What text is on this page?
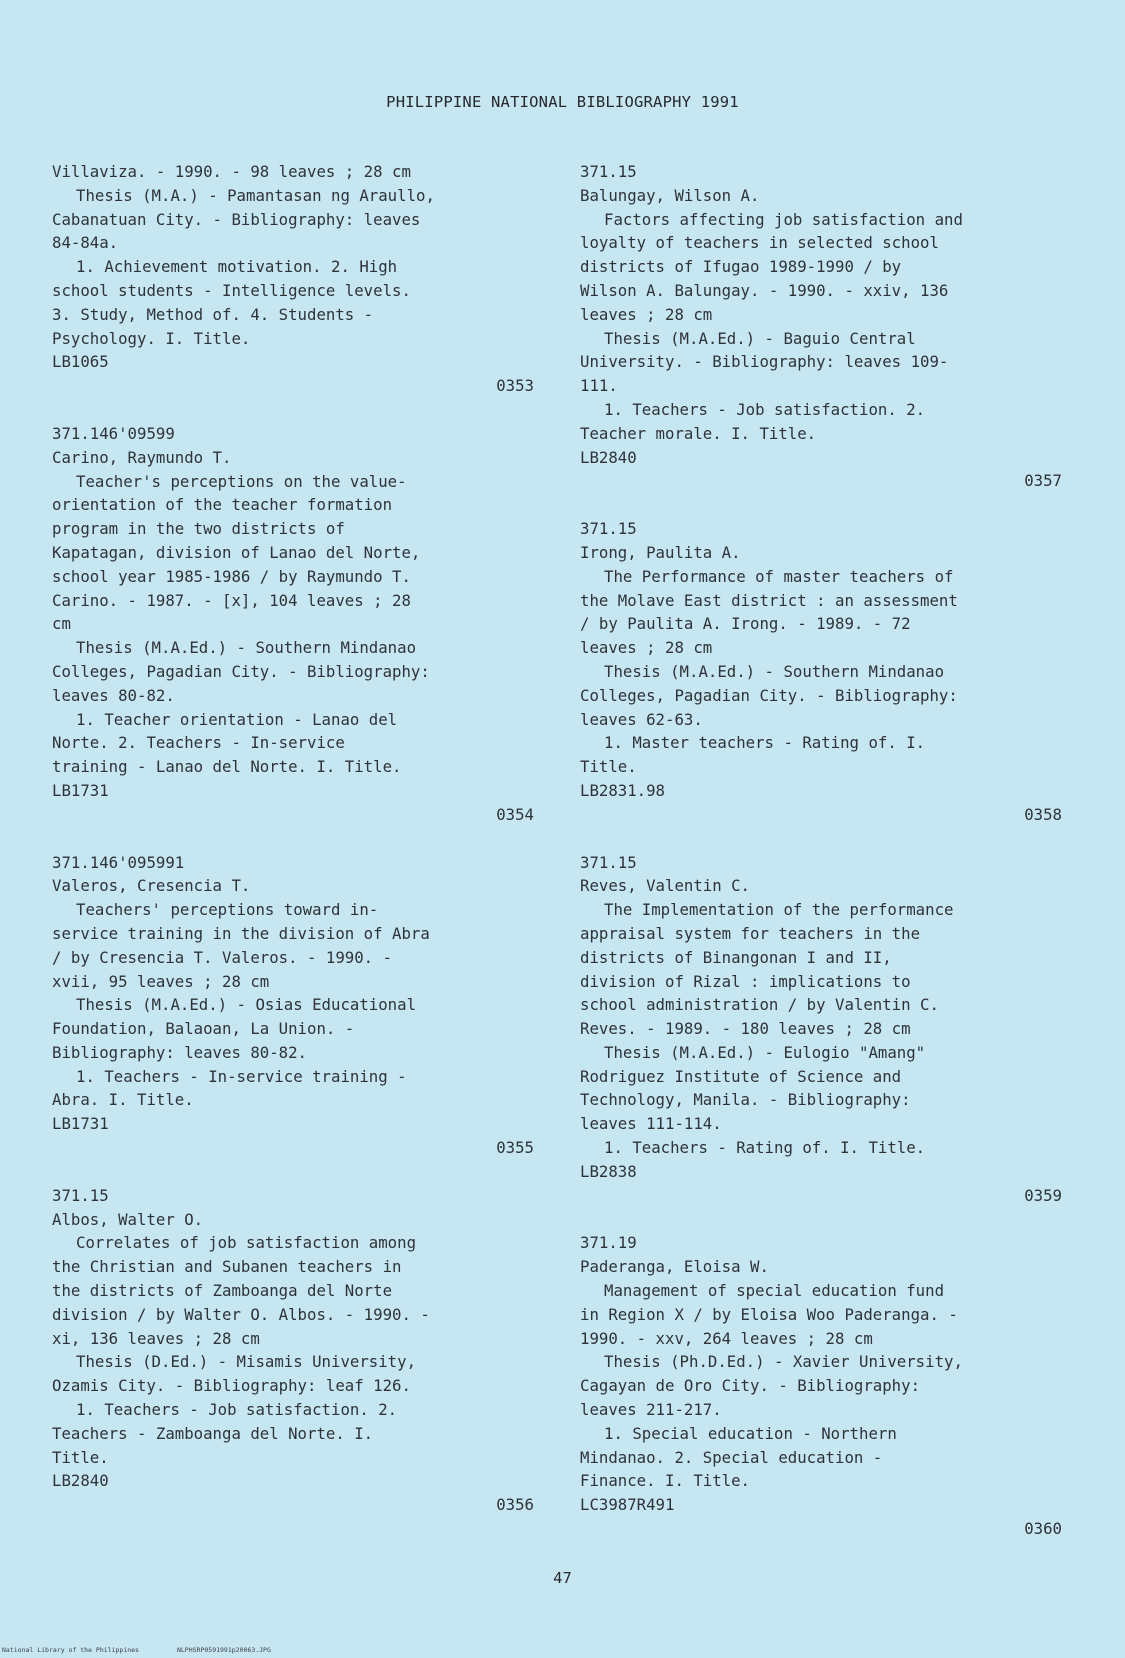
PHILIPPINE NATIONAL BIBLIOGRAPHY 1991
Villaviza. - 1990. - 98 leaves ; 28 cm
Thesis (M.A.) - Pamantasan ng Araullo,
Cabanatuan City. - Bibliography: leaves
84-84a.
1. Achievement motivation. 2. High
school students - Intelligence levels.
3. Study, Method of. 4. Students -
Psychology. I. Title.
LB1065
0353
371.146'09599
Carino, Raymundo T.
Teacher's perceptions on the value-
orientation of the teacher formation
program in the two districts of
Kapatagan, division of Lanao del Norte,
school year 1985-1986 / by Raymundo T.
Carino. - 1987. - [x], 104 leaves ; 28
cm
Thesis (M.A.Ed.) - Southern Mindanao
Colleges, Pagadian City. - Bibliography:
leaves 80-82.
1. Teacher orientation - Lanao del
Norte. 2. Teachers - In-service
training - Lanao del Norte. I. Title.
LB1731
0354
371.146'095991
Valeros, Cresencia T.
Teachers' perceptions toward in-
service training in the division of Abra
/ by Cresencia T. Valeros. - 1990. -
xvii, 95 leaves ; 28 cm
Thesis (M.A.Ed.) - Osias Educational
Foundation, Balaoan, La Union. -
Bibliography: leaves 80-82.
1. Teachers - In-service training -
Abra. I. Title.
LB1731
0355
371.15
Albos, Walter O.
Correlates of job satisfaction among
the Christian and Subanen teachers in
the districts of Zamboanga del Norte
division / by Walter O. Albos. - 1990. -
xi, 136 leaves ; 28 cm
Thesis (D.Ed.) - Misamis University,
Ozamis City. - Bibliography: leaf 126.
1. Teachers - Job satisfaction. 2.
Teachers - Zamboanga del Norte. I.
Title.
LB2840
0356
371.15
Balungay, Wilson A.
Factors affecting job satisfaction and
loyalty of teachers in selected school
districts of Ifugao 1989-1990 / by
Wilson A. Balungay. - 1990. - xxiv, 136
leaves ; 28 cm
Thesis (M.A.Ed.) - Baguio Central
University. - Bibliography: leaves 109-
111.
1. Teachers - Job satisfaction. 2.
Teacher morale. I. Title.
LB2840
0357
371.15
Irong, Paulita A.
The Performance of master teachers of
the Molave East district : an assessment
/ by Paulita A. Irong. - 1989. - 72
leaves ; 28 cm
Thesis (M.A.Ed.) - Southern Mindanao
Colleges, Pagadian City. - Bibliography:
leaves 62-63.
1. Master teachers - Rating of. I.
Title.
LB2831.98
0358
371.15
Reves, Valentin C.
The Implementation of the performance
appraisal system for teachers in the
districts of Binangonan I and II,
division of Rizal : implications to
school administration / by Valentin C.
Reves. - 1989. - 180 leaves ; 28 cm
Thesis (M.A.Ed.) - Eulogio "Amang"
Rodriguez Institute of Science and
Technology, Manila. - Bibliography:
leaves 111-114.
1. Teachers - Rating of. I. Title.
LB2838
0359
371.19
Paderanga, Eloisa W.
Management of special education fund
in Region X / by Eloisa Woo Paderanga. -
1990. - xxv, 264 leaves ; 28 cm
Thesis (Ph.D.Ed.) - Xavier University,
Cagayan de Oro City. - Bibliography:
leaves 211-217.
1. Special education - Northern
Mindanao. 2. Special education -
Finance. I. Title.
LC3987R491
0360
47
National Library of the Philippines	NLPHSRP0591991p20063.JPG
